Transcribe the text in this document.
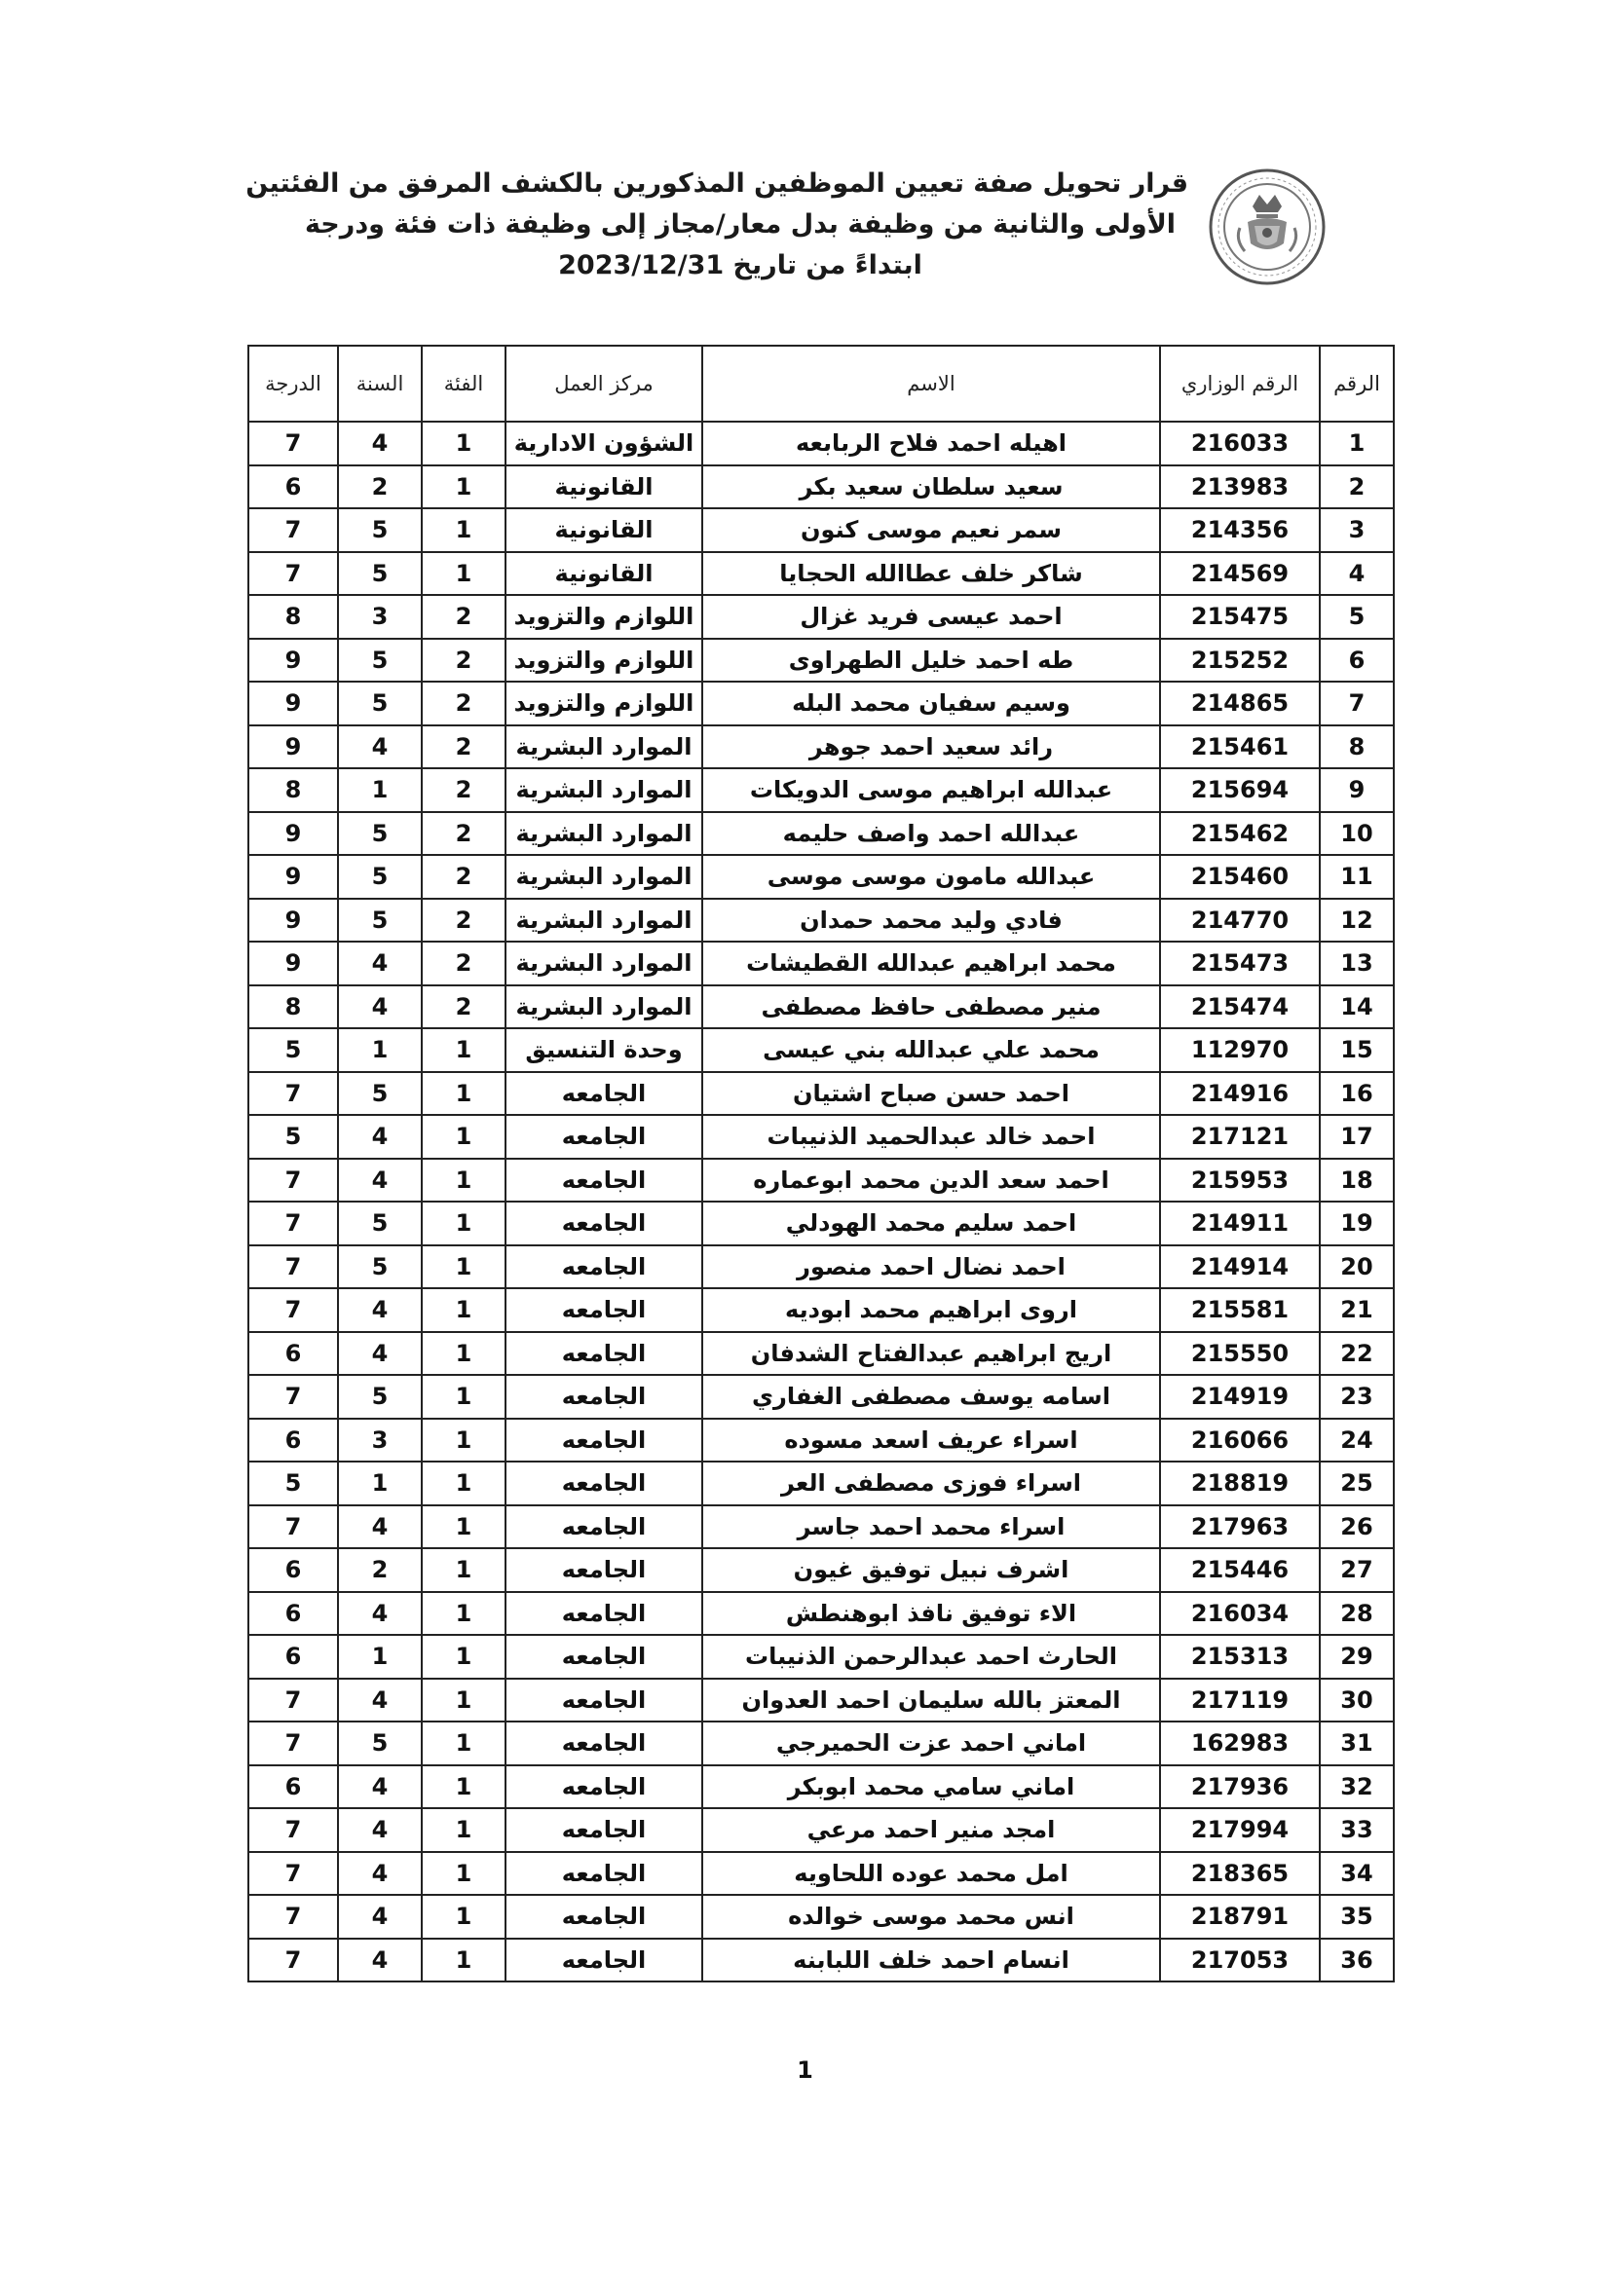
قرار تحويل صفة تعيين الموظفين المذكورين بالكشف المرفق من الفئتين
الأولى والثانية من وظيفة بدل معار/مجاز إلى وظيفة ذات فئة ودرجة
ابتداءً من تاريخ 2023/12/31
الرقم	الرقم الوزاري	الاسم	مركز العمل	الفئة	السنة	الدرجة
1	216033	اهيله احمد فلاح الربابعه	الشؤون الادارية	1	4	7
2	213983	سعيد سلطان سعيد بكر	القانونية	1	2	6
3	214356	سمر نعيم موسى كنون	القانونية	1	5	7
4	214569	شاكر خلف عطاالله الحجايا	القانونية	1	5	7
5	215475	احمد عيسى فريد غزال	اللوازم والتزويد	2	3	8
6	215252	طه احمد خليل الطهراوى	اللوازم والتزويد	2	5	9
7	214865	وسيم سفيان محمد البله	اللوازم والتزويد	2	5	9
8	215461	رائد سعيد احمد جوهر	الموارد البشرية	2	4	9
9	215694	عبدالله ابراهيم موسى الدويكات	الموارد البشرية	2	1	8
10	215462	عبدالله احمد واصف حليمه	الموارد البشرية	2	5	9
11	215460	عبدالله مامون موسى موسى	الموارد البشرية	2	5	9
12	214770	فادي وليد محمد حمدان	الموارد البشرية	2	5	9
13	215473	محمد ابراهيم عبدالله القطيشات	الموارد البشرية	2	4	9
14	215474	منير مصطفى حافظ مصطفى	الموارد البشرية	2	4	8
15	112970	محمد علي عبدالله بني عيسى	وحدة التنسيق	1	1	5
16	214916	احمد حسن صباح اشتيان	الجامعه	1	5	7
17	217121	احمد خالد عبدالحميد الذنيبات	الجامعه	1	4	5
18	215953	احمد سعد الدين محمد ابوعماره	الجامعه	1	4	7
19	214911	احمد سليم محمد الهودلي	الجامعه	1	5	7
20	214914	احمد نضال احمد منصور	الجامعه	1	5	7
21	215581	اروى ابراهيم محمد ابوديه	الجامعه	1	4	7
22	215550	اريج ابراهيم عبدالفتاح الشدفان	الجامعه	1	4	6
23	214919	اسامه يوسف مصطفى الغفاري	الجامعه	1	5	7
24	216066	اسراء عريف اسعد مسوده	الجامعه	1	3	6
25	218819	اسراء فوزى مصطفى العر	الجامعه	1	1	5
26	217963	اسراء محمد احمد جاسر	الجامعه	1	4	7
27	215446	اشرف نبيل توفيق غيون	الجامعه	1	2	6
28	216034	الاء توفيق نافذ ابوهنطش	الجامعه	1	4	6
29	215313	الحارث احمد عبدالرحمن الذنيبات	الجامعه	1	1	6
30	217119	المعتز بالله سليمان احمد العدوان	الجامعه	1	4	7
31	162983	اماني احمد عزت الحميرجي	الجامعه	1	5	7
32	217936	اماني سامي محمد ابوبكر	الجامعه	1	4	6
33	217994	امجد منير احمد مرعي	الجامعه	1	4	7
34	218365	امل محمد عوده اللحاويه	الجامعه	1	4	7
35	218791	انس محمد موسى خوالده	الجامعه	1	4	7
36	217053	انسام احمد خلف اللبابنه	الجامعه	1	4	7
1
